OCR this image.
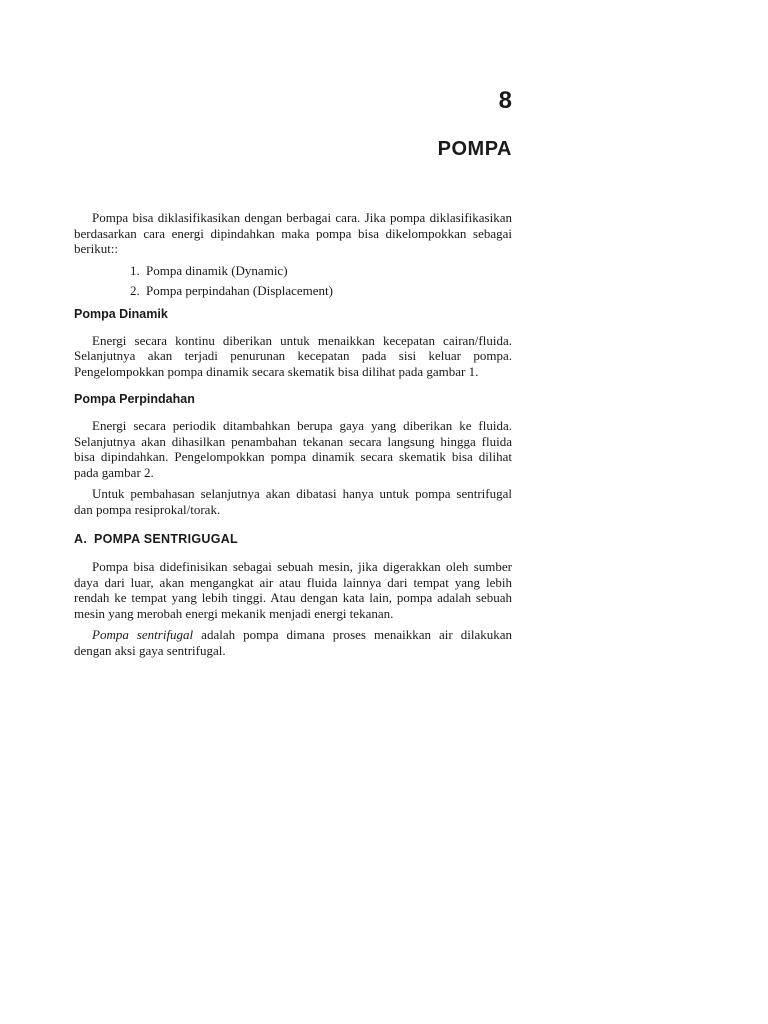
8
POMPA

Pompa bisa diklasifikasikan dengan berbagai cara. Jika pompa diklasifikasikan berdasarkan cara energi dipindahkan maka pompa bisa dikelompokkan sebagai berikut::

1. Pompa dinamik (Dynamic)
2. Pompa perpindahan (Displacement)
Pompa Dinamik

Energi secara kontinu diberikan untuk menaikkan kecepatan cairan/fluida. Selanjutnya akan terjadi penurunan kecepatan pada sisi keluar pompa. Pengelompokkan pompa dinamik secara skematik bisa dilihat pada gambar 1.

Pompa Perpindahan

Energi secara periodik ditambahkan berupa gaya yang diberikan ke fluida. Selanjutnya akan dihasilkan penambahan tekanan secara langsung hingga fluida bisa dipindahkan. Pengelompokkan pompa dinamik secara skematik bisa dilihat pada gambar 2.

Untuk pembahasan selanjutnya akan dibatasi hanya untuk pompa sentrifugal dan pompa resiprokal/torak.

A. POMPA SENTRIGUGAL

Pompa bisa didefinisikan sebagai sebuah mesin, jika digerakkan oleh sumber daya dari luar, akan mengangkat air atau fluida lainnya dari tempat yang lebih rendah ke tempat yang lebih tinggi. Atau dengan kata lain, pompa adalah sebuah mesin yang merobah energi mekanik menjadi energi tekanan.

Pompa sentrifugal adalah pompa dimana proses menaikkan air dilakukan dengan aksi gaya sentrifugal.
